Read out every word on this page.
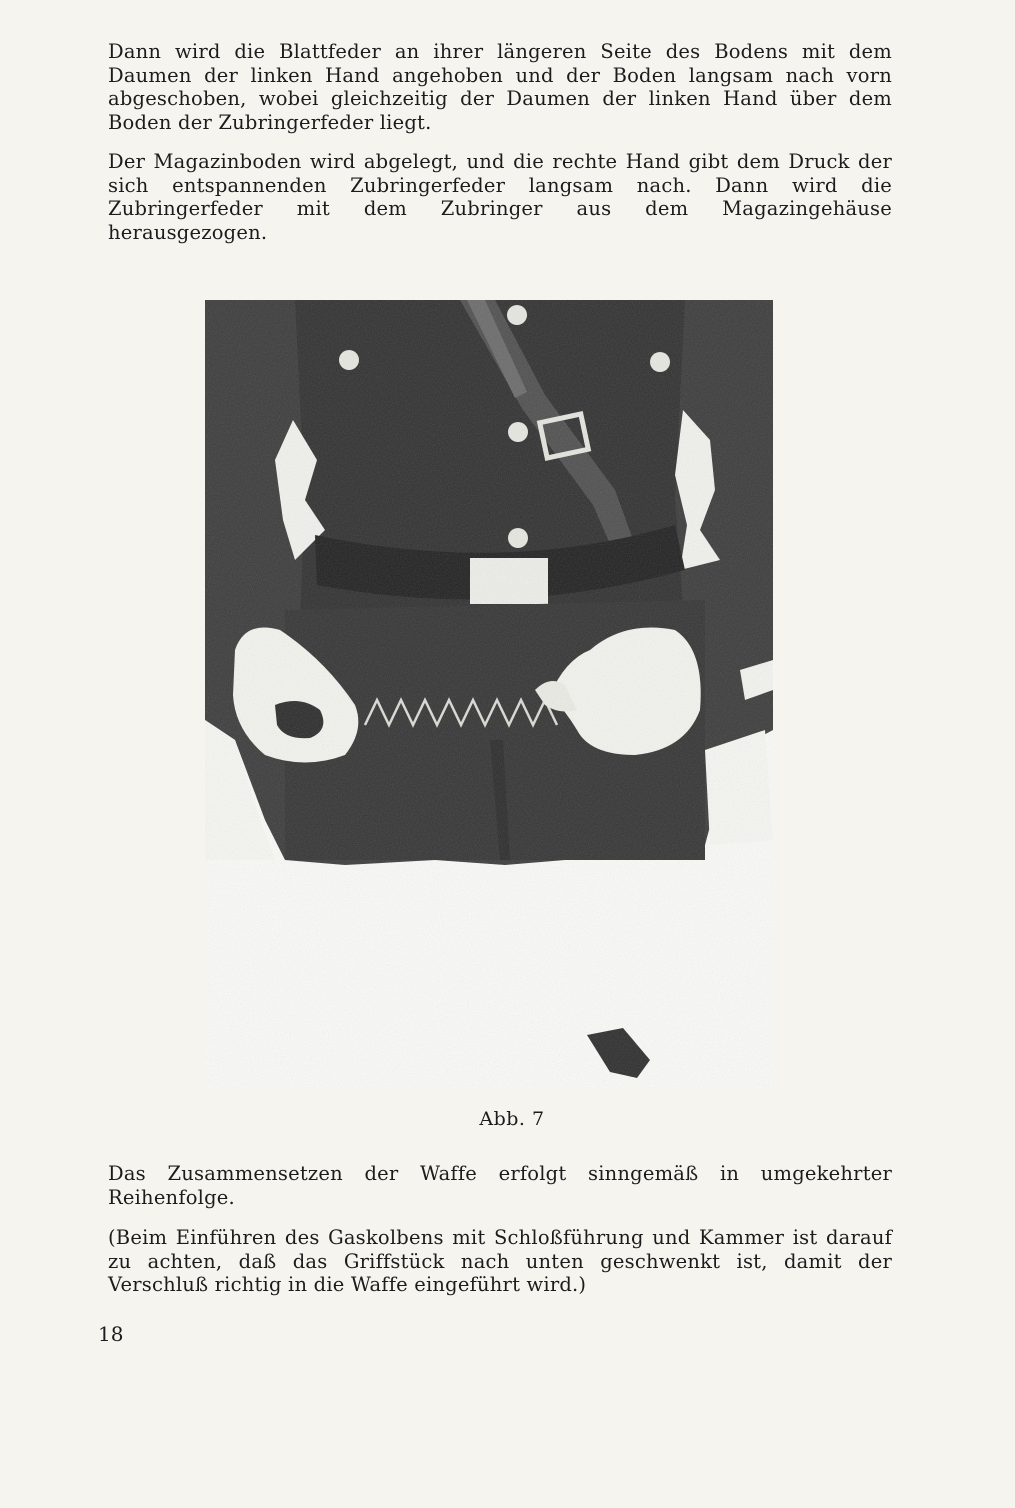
Dann wird die Blattfeder an ihrer längeren Seite des Bodens mit dem Daumen der linken Hand angehoben und der Boden langsam nach vorn abgeschoben, wobei gleichzeitig der Daumen der linken Hand über dem Boden der Zubringerfeder liegt.

Der Magazinboden wird abgelegt, und die rechte Hand gibt dem Druck der sich entspannenden Zubringerfeder langsam nach. Dann wird die Zubringerfeder mit dem Zubringer aus dem Magazingehäuse herausgezogen.

Abb. 7

Das Zusammensetzen der Waffe erfolgt sinngemäß in umgekehrter Reihenfolge.

(Beim Einführen des Gaskolbens mit Schloßführung und Kammer ist darauf zu achten, daß das Griffstück nach unten geschwenkt ist, damit der Verschluß richtig in die Waffe eingeführt wird.)

18
